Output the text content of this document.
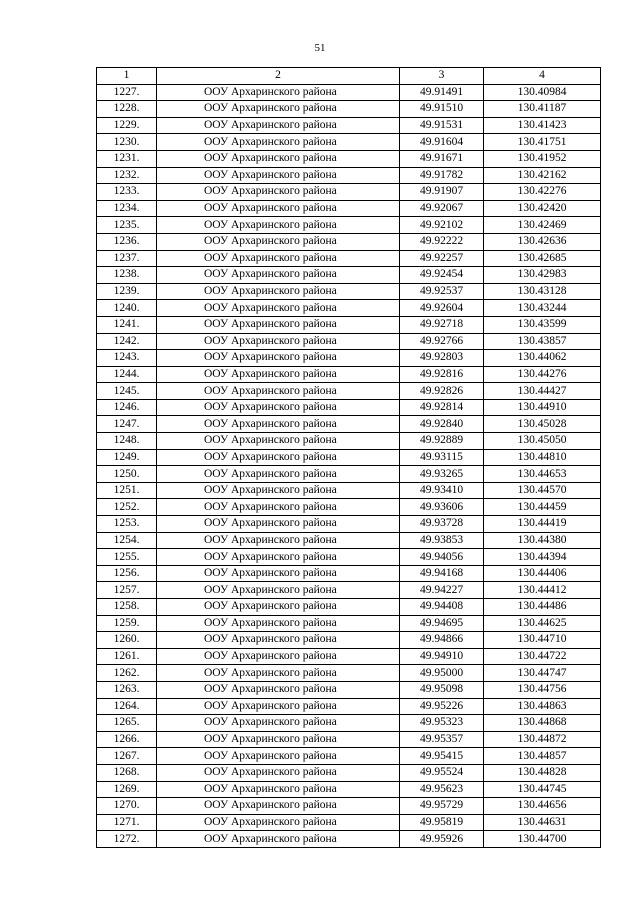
51
1	2	3	4
1227.	ООУ Архаринского района	49.91491	130.40984
1228.	ООУ Архаринского района	49.91510	130.41187
1229.	ООУ Архаринского района	49.91531	130.41423
1230.	ООУ Архаринского района	49.91604	130.41751
1231.	ООУ Архаринского района	49.91671	130.41952
1232.	ООУ Архаринского района	49.91782	130.42162
1233.	ООУ Архаринского района	49.91907	130.42276
1234.	ООУ Архаринского района	49.92067	130.42420
1235.	ООУ Архаринского района	49.92102	130.42469
1236.	ООУ Архаринского района	49.92222	130.42636
1237.	ООУ Архаринского района	49.92257	130.42685
1238.	ООУ Архаринского района	49.92454	130.42983
1239.	ООУ Архаринского района	49.92537	130.43128
1240.	ООУ Архаринского района	49.92604	130.43244
1241.	ООУ Архаринского района	49.92718	130.43599
1242.	ООУ Архаринского района	49.92766	130.43857
1243.	ООУ Архаринского района	49.92803	130.44062
1244.	ООУ Архаринского района	49.92816	130.44276
1245.	ООУ Архаринского района	49.92826	130.44427
1246.	ООУ Архаринского района	49.92814	130.44910
1247.	ООУ Архаринского района	49.92840	130.45028
1248.	ООУ Архаринского района	49.92889	130.45050
1249.	ООУ Архаринского района	49.93115	130.44810
1250.	ООУ Архаринского района	49.93265	130.44653
1251.	ООУ Архаринского района	49.93410	130.44570
1252.	ООУ Архаринского района	49.93606	130.44459
1253.	ООУ Архаринского района	49.93728	130.44419
1254.	ООУ Архаринского района	49.93853	130.44380
1255.	ООУ Архаринского района	49.94056	130.44394
1256.	ООУ Архаринского района	49.94168	130.44406
1257.	ООУ Архаринского района	49.94227	130.44412
1258.	ООУ Архаринского района	49.94408	130.44486
1259.	ООУ Архаринского района	49.94695	130.44625
1260.	ООУ Архаринского района	49.94866	130.44710
1261.	ООУ Архаринского района	49.94910	130.44722
1262.	ООУ Архаринского района	49.95000	130.44747
1263.	ООУ Архаринского района	49.95098	130.44756
1264.	ООУ Архаринского района	49.95226	130.44863
1265.	ООУ Архаринского района	49.95323	130.44868
1266.	ООУ Архаринского района	49.95357	130.44872
1267.	ООУ Архаринского района	49.95415	130.44857
1268.	ООУ Архаринского района	49.95524	130.44828
1269.	ООУ Архаринского района	49.95623	130.44745
1270.	ООУ Архаринского района	49.95729	130.44656
1271.	ООУ Архаринского района	49.95819	130.44631
1272.	ООУ Архаринского района	49.95926	130.44700
